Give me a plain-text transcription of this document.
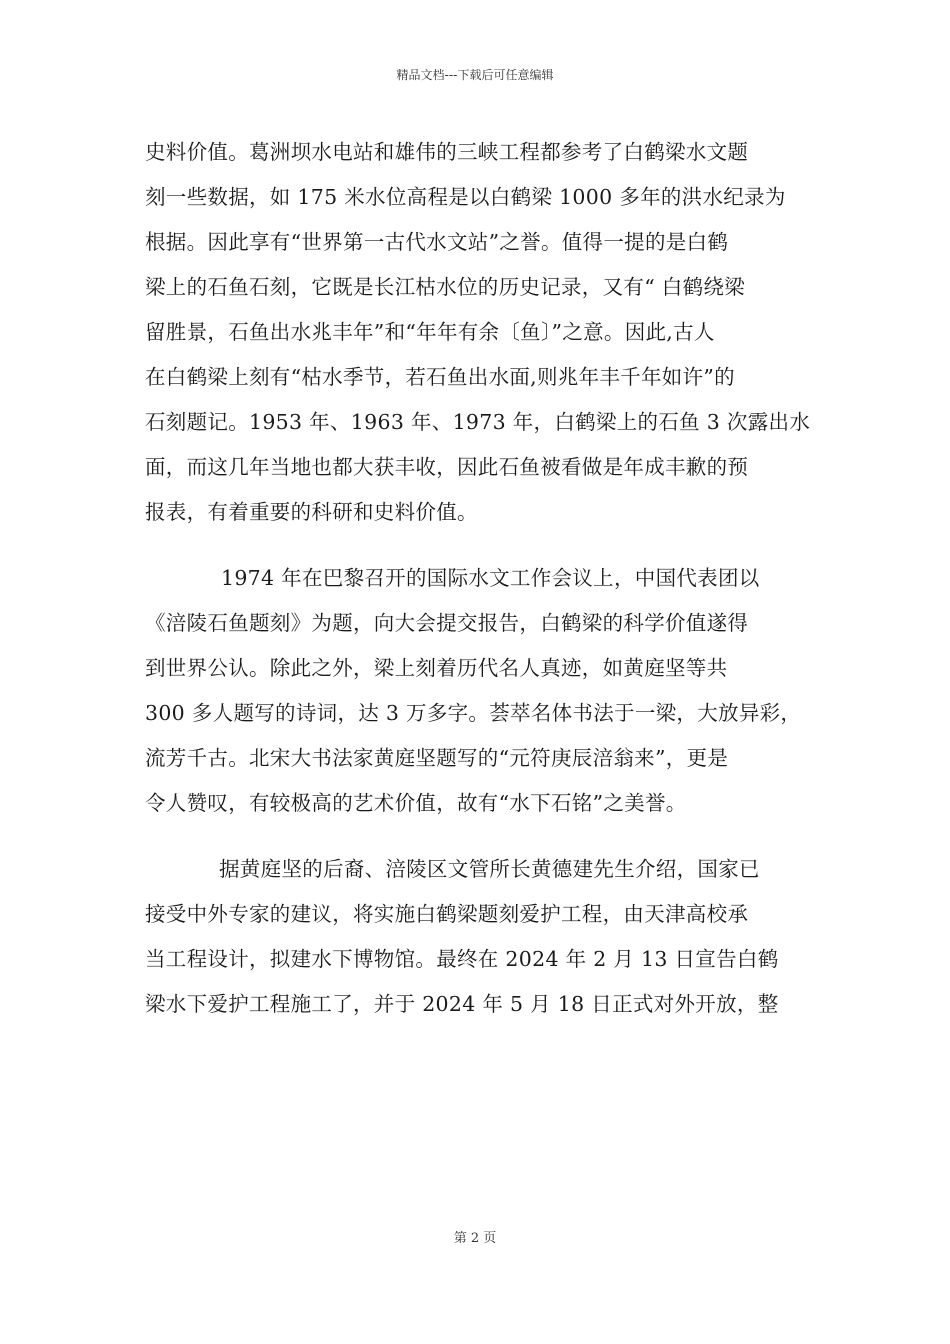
精品文档---下载后可任意编辑
史料价值。葛洲坝水电站和雄伟的三峡工程都参考了白鹤梁水文题
刻一些数据，如 175 米水位高程是以白鹤梁 1000 多年的洪水纪录为
根据。因此享有“世界第一古代水文站”之誉。值得一提的是白鹤
梁上的石鱼石刻，它既是长江枯水位的历史记录，又有“ 白鹤绕梁
留胜景，石鱼出水兆丰年”和“年年有余〔鱼〕”之意。因此,古人
在白鹤梁上刻有“枯水季节，若石鱼出水面,则兆年丰千年如许”的
石刻题记。1953 年、1963 年、1973 年，白鹤梁上的石鱼 3 次露出水
面，而这几年当地也都大获丰收，因此石鱼被看做是年成丰歉的预
报表，有着重要的科研和史料价值。
1974 年在巴黎召开的国际水文工作会议上，中国代表团以
《涪陵石鱼题刻》为题，向大会提交报告，白鹤梁的科学价值遂得
到世界公认。除此之外，梁上刻着历代名人真迹，如黄庭坚等共
300 多人题写的诗词，达 3 万多字。荟萃名体书法于一梁，大放异彩，
流芳千古。北宋大书法家黄庭坚题写的“元符庚辰涪翁来”，更是
令人赞叹，有较极高的艺术价值，故有“水下石铭”之美誉。
据黄庭坚的后裔、涪陵区文管所长黄德建先生介绍，国家已
接受中外专家的建议，将实施白鹤梁题刻爱护工程，由天津高校承
当工程设计，拟建水下博物馆。最终在 2024 年 2 月 13 日宣告白鹤
梁水下爱护工程施工了，并于 2024 年 5 月 18 日正式对外开放，整
第 2 页
